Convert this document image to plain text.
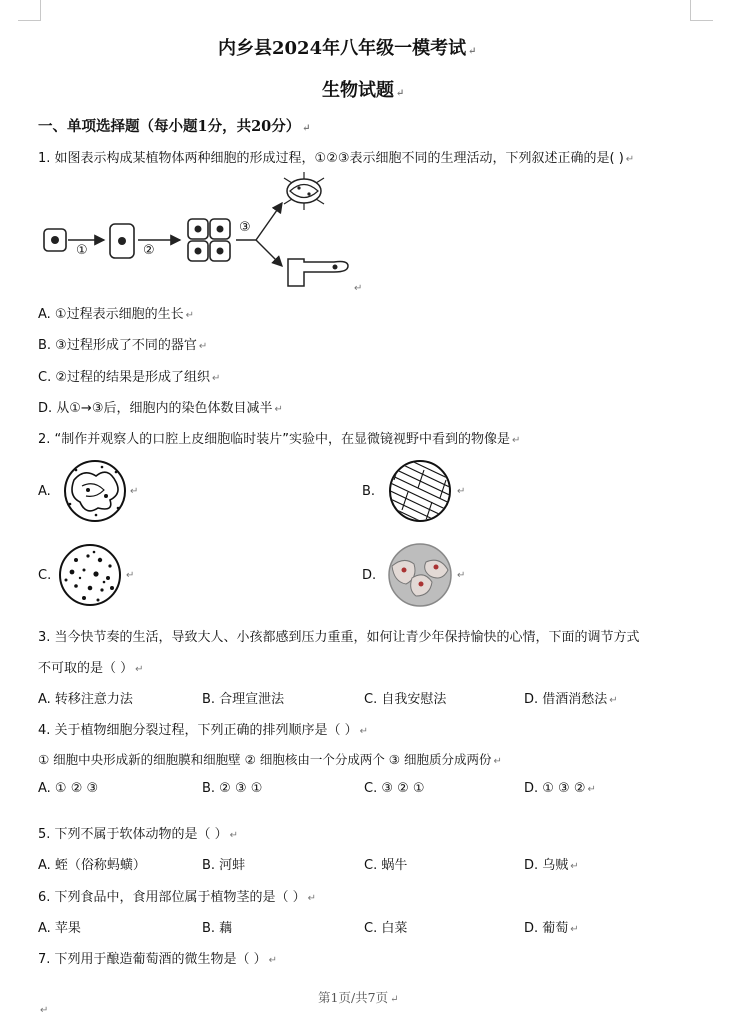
内乡县2024年八年级一模考试 ↵
生物试题 ↵
一、单项选择题（每小题1分，共20分） ↵
1. 如图表示构成某植物体两种细胞的形成过程，①②③表示细胞不同的生理活动，下列叙述正确的是( ) ↵
①	②
③
↵
A. ①过程表示细胞的生长 ↵
B. ③过程形成了不同的器官 ↵
C. ②过程的结果是形成了组织 ↵
D. 从①→③后，细胞内的染色体数目减半 ↵
2. “制作并观察人的口腔上皮细胞临时装片”实验中，在显微镜视野中看到的物像是 ↵
A.	B.
C.	D.
↵	↵
↵	↵
3. 当今快节奏的生活，导致大人、小孩都感到压力重重，如何让青少年保持愉快的心情，下面的调节方式
不可取的是（ ） ↵
A. 转移注意力法	B. 合理宣泄法	C. 自我安慰法	D. 借酒消愁法 ↵
4. 关于植物细胞分裂过程，下列正确的排列顺序是（ ） ↵
① 细胞中央形成新的细胞膜和细胞壁 ② 细胞核由一个分成两个 ③ 细胞质分成两份 ↵
A. ① ② ③	B. ② ③ ①	C. ③ ② ①	D. ① ③ ② ↵
5. 下列不属于软体动物的是（ ） ↵
A. 蛭（俗称蚂蟥）	B. 河蚌	C. 蜗牛	D. 乌贼 ↵
6. 下列食品中，食用部位属于植物茎的是（ ） ↵
A. 苹果	B. 藕	C. 白菜	D. 葡萄 ↵
7. 下列用于酿造葡萄酒的微生物是（ ） ↵
第1页/共7页 ↵
↵
